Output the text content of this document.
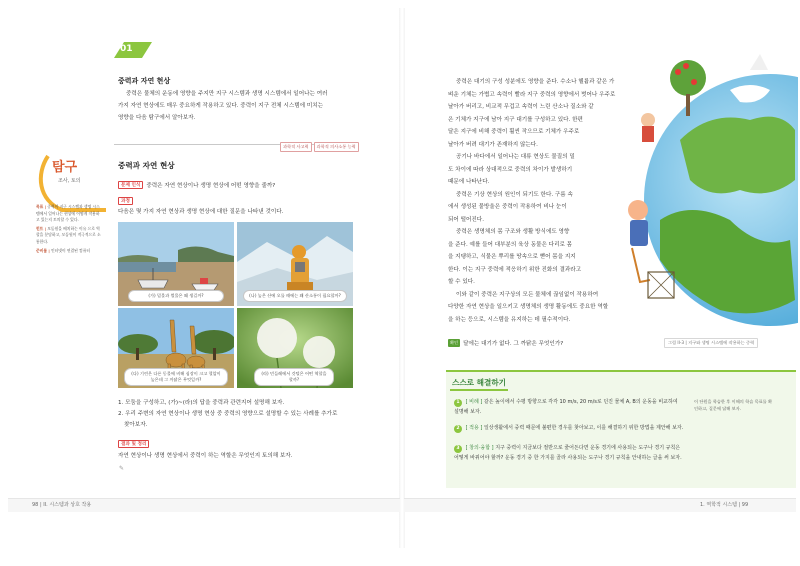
01
중력과 자연 현상
중력은 물체의 운동에 영향을 주지만 지구 시스템과 생명 시스템에서 일어나는 여러
가지 자연 현상에도 매우 중요하게 작용하고 있다. 중력이 지구 전체 시스템에 미치는
영향을 다음 탐구에서 알아보자.
과학적 사고력	과학적 의사소통 능력
탐구
조사, 토의
목표 | 중력이 지구 시스템과 생명 시스템에서 일어나는 현상에 어떻게 작용하고 있는지 토의할 수 있다.
힌트 | 모둠원을 배치하는 이유 으로 역할을 분담하고, 모둠원이 적극적으로 소통한다.
준비물 | 인터넷이 연결된 컴퓨터
중력과 자연 현상
문제 인식	중력은 자연 현상이나 생명 현상에 어떤 영향을 줄까?
과정
다음은 몇 가지 자연 현상과 생명 현상에 대한 질문을 나타낸 것이다.
(가) 밀물과 썰물은 왜 생길까?	(나) 높은 산에 오를 때에는 왜 산소통이 필요할까?
(다) 기린은 다른 동물에 비해 심장이 크고 혈압이 높은데 그 까닭은 무엇일까?
(라) 민들레에서 갓털은 어떤 역할을 할까?
1. 모둠을 구성하고, (가)~(라)의 답을 중력과 관련지어 설명해 보자.
2. 우리 주변의 자연 현상이나 생명 현상 중 중력의 영향으로 설명할 수 있는 사례를 추가로
찾아보자.
결과 및 정리
자연 현상이나 생명 현상에서 중력이 하는 역할은 무엇인지 토의해 보자.
✎
98 | II. 시스템과 상호 작용
중력은 대기의 구성 성분에도 영향을 준다. 수소나 헬륨과 같은 가
벼운 기체는 가볍고 속력이 빨라 지구 중력의 영향에서 벗어나 우주로
날아가 버리고, 비교적 무겁고 속력이 느린 산소나 질소와 같
은 기체가 지구에 남아 지구 대기를 구성하고 있다. 한편
달은 지구에 비해 중력이 훨씬 작으므로 기체가 우주로
날아가 버려 대기가 존재하지 않는다.
공기나 바다에서 일어나는 대류 현상도 물질의 밀
도 차이에 따라 상대적으로 중력의 차이가 발생하기
때문에 나타난다.
중력은 기상 현상의 원인이 되기도 한다. 구름 속
에서 생성된 물방울은 중력이 작용하여 비나 눈이
되어 떨어진다.
중력은 생명체의 몸 구조와 생활 방식에도 영향
을 준다. 예를 들어 대부분의 육상 동물은 다리로 몸
을 지탱하고, 식물은 뿌리를 땅속으로 뻗어 몸을 지지
한다. 이는 지구 중력에 적응하기 위한 진화의 결과라고
할 수 있다.
이와 같이 중력은 지구상의 모든 물체에 끊임없이 작용하여
다양한 자연 현상을 일으키고 생명체의 생명 활동에도 중요한 역할
을 하는 등으로, 시스템을 유지하는 데 필수적이다.
확인 달에는 대기가 없다. 그 까닭은 무엇인가?	그림 II-3 | 지구와 생명 시스템에 작용하는 중력
스스로 해결하기
1 [ 비례 ] 같은 높이에서 수평 방향으로 각각 10 m/s, 20 m/s로 던진 물체 A, B의 운동을 비교하여 설명해 보자.
2 [ 적용 ] 일상생활에서 중력 때문에 불편한 경우를 찾아보고, 이를 해결하기 위한 방법을 제안해 보자.
3 [ 창의·융합 ] 지구 중력이 지금보다 절반으로 줄어든다면 운동 경기에 사용되는 도구나 경기 규칙은 어떻게 바뀌어야 할까? 운동 경기 중 한 가지를 골라 사용되는 도구나 경기 규칙을 안내하는 글을 써 보자.
이 단원을 학습한 후 이해의 학습 목표를 확인하고, 질문에 답해 보자.
1. 역학적 시스템 | 99
